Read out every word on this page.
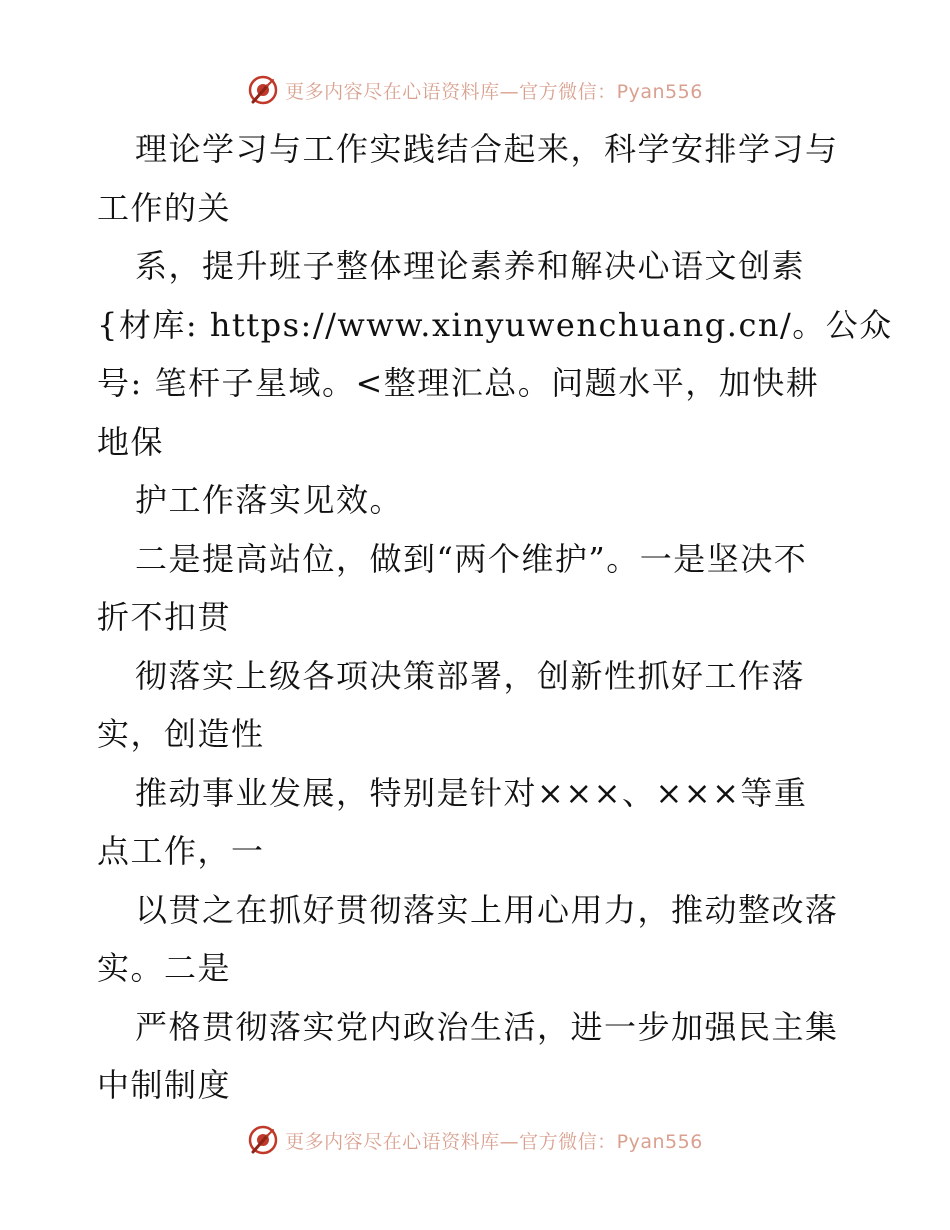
更多内容尽在心语资料库—官方微信：Pyan556
理论学习与工作实践结合起来，科学安排学习与
工作的关
系，提升班子整体理论素养和解决心语文创素
{材库: https://www.xinyuwenchuang.cn/。公众
号: 笔杆子星域。<整理汇总。问题水平，加快耕
地保
护工作落实见效。
二是提高站位，做到“两个维护”。一是坚决不
折不扣贯
彻落实上级各项决策部署，创新性抓好工作落
实，创造性
推动事业发展，特别是针对×××、×××等重
点工作，一
以贯之在抓好贯彻落实上用心用力，推动整改落
实。二是
严格贯彻落实党内政治生活，进一步加强民主集
中制制度
更多内容尽在心语资料库—官方微信：Pyan556
